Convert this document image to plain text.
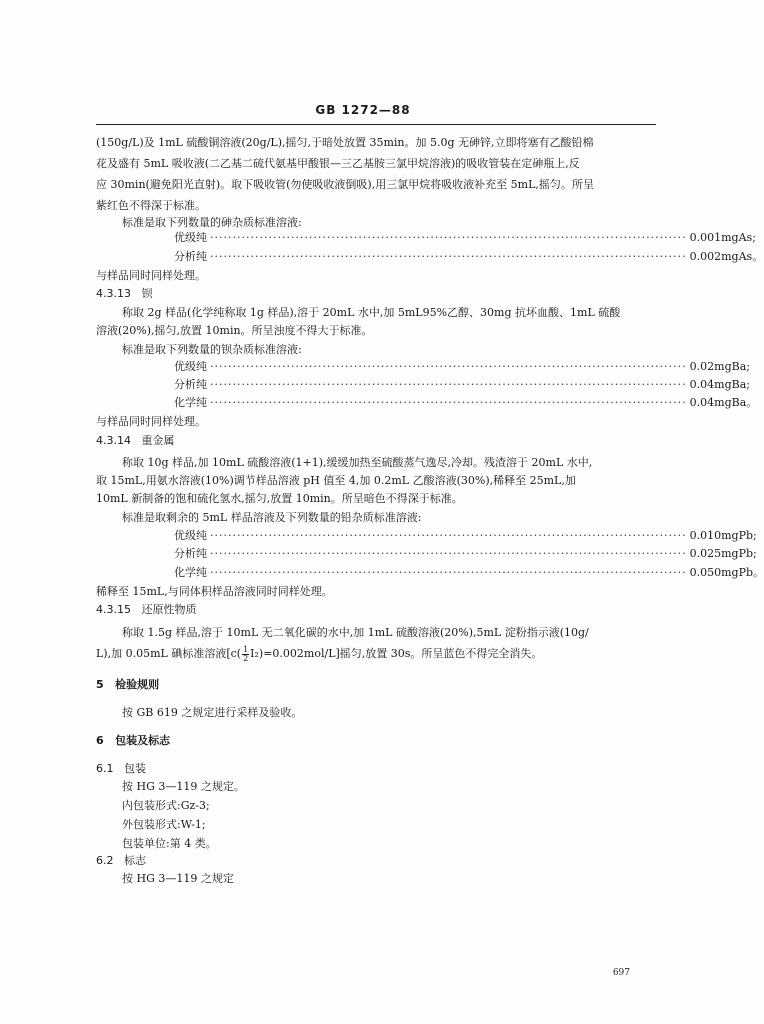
GB 1272—88
(150g/L)及 1mL 硫酸铜溶液(20g/L),摇匀,于暗处放置 35min。加 5.0g 无砷锌,立即将塞有乙酸铅棉
花及盛有 5mL 吸收液(二乙基二硫代氨基甲酸银—三乙基胺三氯甲烷溶液)的吸收管装在定砷瓶上,反
应 30min(避免阳光直射)。取下吸收管(勿使吸收液倒吸),用三氯甲烷将吸收液补充至 5mL,摇匀。所呈
紫红色不得深于标准。
标准是取下列数量的砷杂质标准溶液:
优级纯 ·········································································································· 0.001mgAs;
分析纯 ·········································································································· 0.002mgAs。
与样品同时同样处理。
4.3.13 钡
称取 2g 样品(化学纯称取 1g 样品),溶于 20mL 水中,加 5mL95%乙醇、30mg 抗坏血酸、1mL 硫酸
溶液(20%),摇匀,放置 10min。所呈浊度不得大于标准。
标准是取下列数量的钡杂质标准溶液:
优级纯 ·········································································································· 0.02mgBa;
分析纯 ·········································································································· 0.04mgBa;
化学纯 ·········································································································· 0.04mgBa。
与样品同时同样处理。
4.3.14 重金属
称取 10g 样品,加 10mL 硫酸溶液(1+1),缓缓加热至硫酸蒸气逸尽,冷却。残渣溶于 20mL 水中,
取 15mL,用氨水溶液(10%)调节样品溶液 pH 值至 4,加 0.2mL 乙酸溶液(30%),稀释至 25mL,加
10mL 新制备的饱和硫化氢水,摇匀,放置 10min。所呈暗色不得深于标准。
标准是取剩余的 5mL 样品溶液及下列数量的铅杂质标准溶液:
优级纯 ·········································································································· 0.010mgPb;
分析纯 ·········································································································· 0.025mgPb;
化学纯 ·········································································································· 0.050mgPb。
稀释至 15mL,与同体积样品溶液同时同样处理。
4.3.15 还原性物质
称取 1.5g 样品,溶于 10mL 无二氧化碳的水中,加 1mL 硫酸溶液(20%),5mL 淀粉指示液(10g/
L),加 0.05mL 碘标准溶液$[c( \frac{1}{2} I_2)=0.002mol/L]$摇匀,放置 30s。所呈蓝色不得完全消失。
5 检验规则
按 GB 619 之规定进行采样及验收。
6 包装及标志
6.1 包装
按 HG 3—119 之规定。
内包装形式:Gz-3;
外包装形式:W-1;
包装单位:第 4 类。
6.2 标志
按 HG 3—119 之规定
697
